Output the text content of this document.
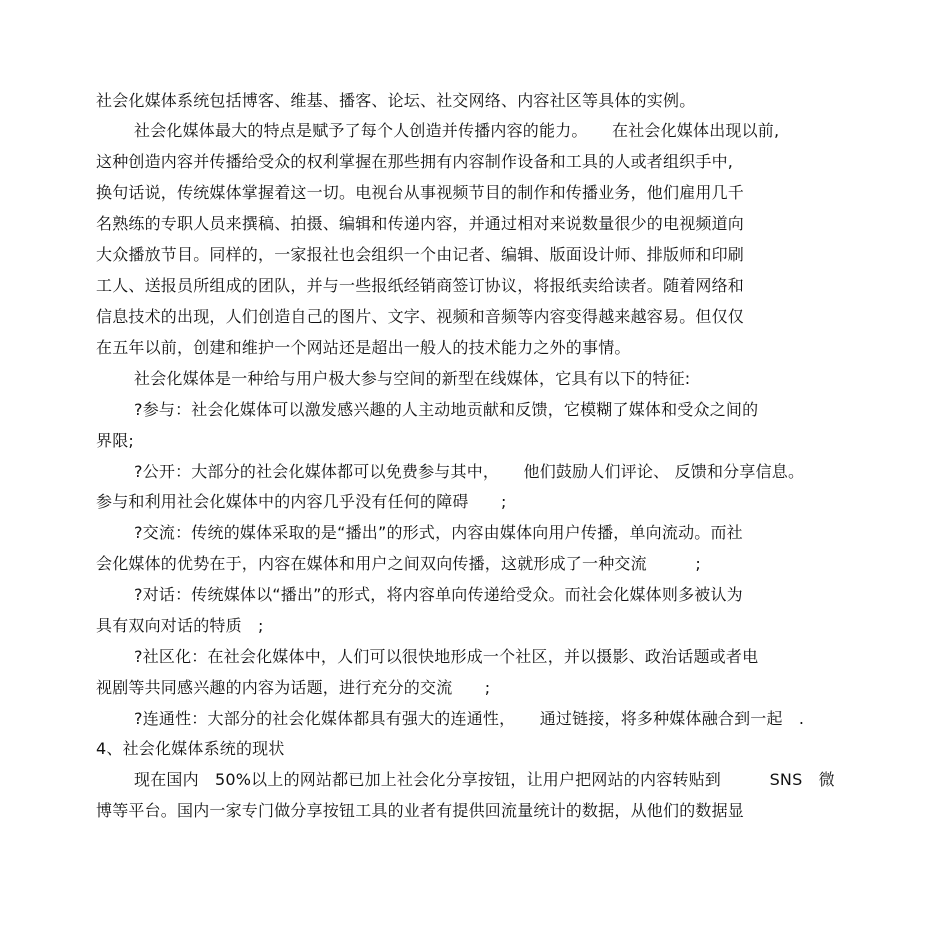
社会化媒体系统包括博客、维基、播客、论坛、社交网络、内容社区等具体的实例。
社会化媒体最大的特点是赋予了每个人创造并传播内容的能力。　　在社会化媒体出现以前,
这种创造内容并传播给受众的权利掌握在那些拥有内容制作设备和工具的人或者组织手中,
换句话说，传统媒体掌握着这一切。电视台从事视频节目的制作和传播业务，他们雇用几千
名熟练的专职人员来撰稿、拍摄、编辑和传递内容，并通过相对来说数量很少的电视频道向
大众播放节目。同样的，一家报社也会组织一个由记者、编辑、版面设计师、排版师和印刷
工人、送报员所组成的团队，并与一些报纸经销商签订协议，将报纸卖给读者。随着网络和
信息技术的出现，人们创造自己的图片、文字、视频和音频等内容变得越来越容易。但仅仅
在五年以前，创建和维护一个网站还是超出一般人的技术能力之外的事情。
社会化媒体是一种给与用户极大参与空间的新型在线媒体，它具有以下的特征:
?参与：社会化媒体可以激发感兴趣的人主动地贡献和反馈，它模糊了媒体和受众之间的
界限;
?公开：大部分的社会化媒体都可以免费参与其中，　　他们鼓励人们评论、 反馈和分享信息。
参与和利用社会化媒体中的内容几乎没有任何的障碍　　;
?交流：传统的媒体采取的是“播出”的形式，内容由媒体向用户传播，单向流动。而社
会化媒体的优势在于，内容在媒体和用户之间双向传播，这就形成了一种交流　　　;
?对话：传统媒体以“播出”的形式，将内容单向传递给受众。而社会化媒体则多被认为
具有双向对话的特质　;
?社区化：在社会化媒体中，人们可以很快地形成一个社区，并以摄影、政治话题或者电
视剧等共同感兴趣的内容为话题，进行充分的交流　　;
?连通性：大部分的社会化媒体都具有强大的连通性，　　通过链接，将多种媒体融合到一起　.
4、社会化媒体系统的现状
现在国内　50%以上的网站都已加上社会化分享按钮，让用户把网站的内容转贴到　　　SNS　微
博等平台。国内一家专门做分享按钮工具的业者有提供回流量统计的数据，从他们的数据显
